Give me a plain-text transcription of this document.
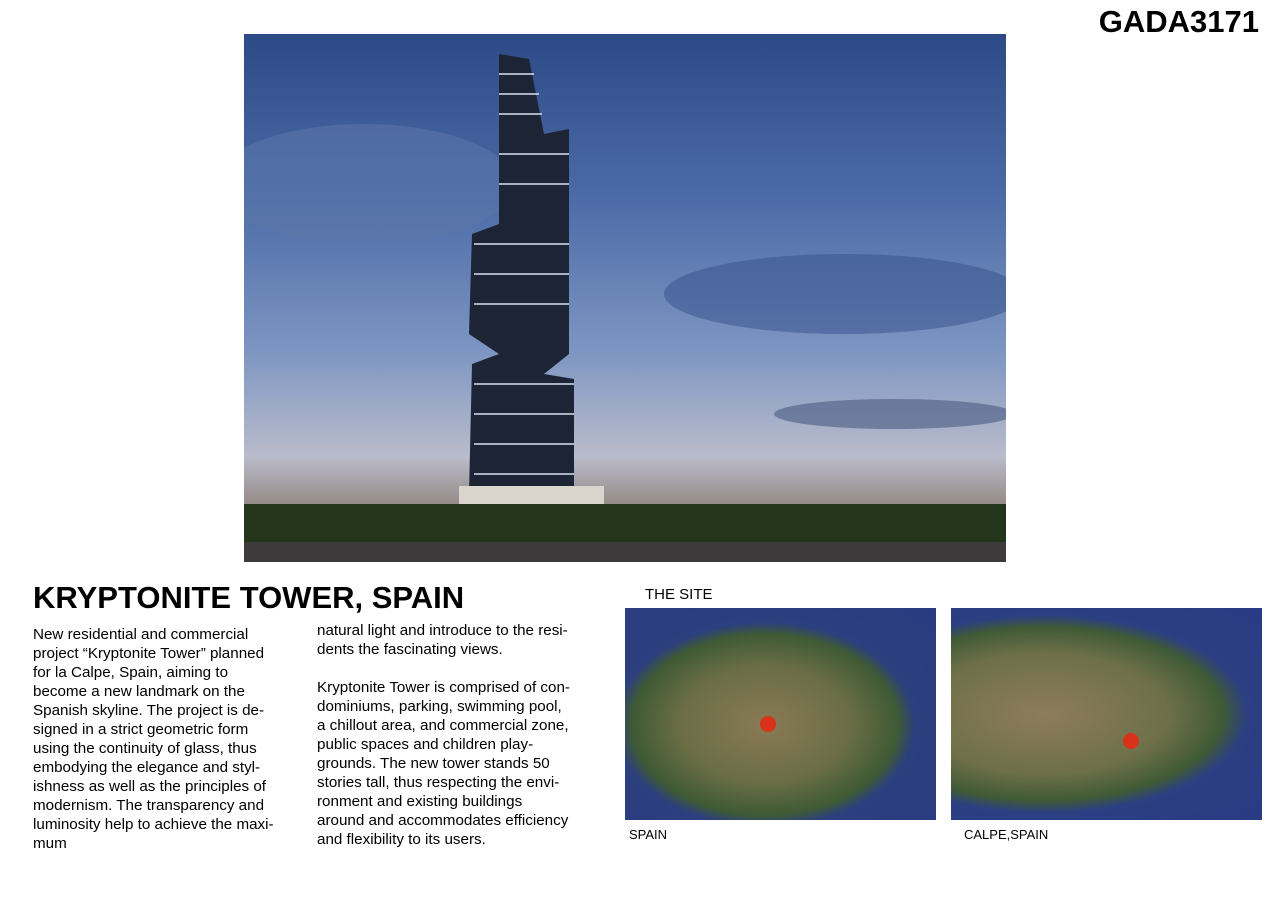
GADA3171
KRYPTONITE TOWER, SPAIN
New residential and commercial
project “Kryptonite Tower” planned
for la Calpe, Spain, aiming to
become a new landmark on the
Spanish skyline. The project is de-
signed in a strict geometric form
using the continuity of glass, thus
embodying the elegance and styl-
ishness as well as the principles of
modernism. The transparency and
luminosity help to achieve the maxi-
mum
natural light and introduce to the resi-
dents the fascinating views.

Kryptonite Tower is comprised of con-
dominiums, parking, swimming pool,
a chillout area, and commercial zone,
public spaces and children play-
grounds. The new tower stands 50
stories tall, thus respecting the envi-
ronment and existing buildings
around and accommodates efficiency
and flexibility to its users.
THE SITE
SPAIN	CALPE,SPAIN
